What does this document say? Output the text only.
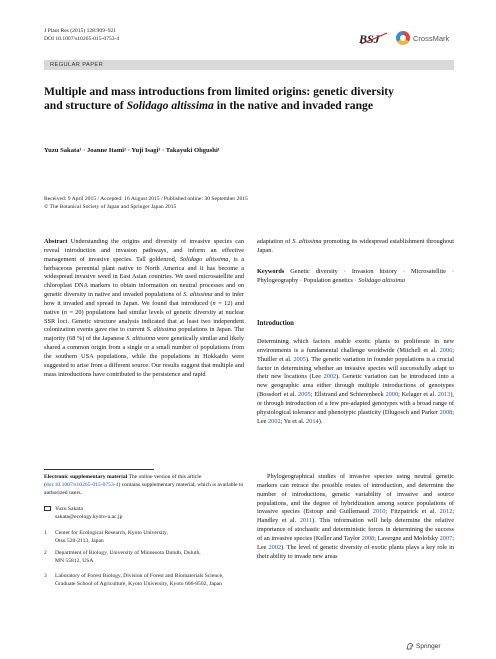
J Plant Res (2015) 128:909–921
DOI 10.1007/s10265-015-0753-4	BSJ	CrossMark
REGULAR PAPER
Multiple and mass introductions from limited origins: genetic diversity and structure of Solidago altissima in the native and invaded range
Yuzu Sakata¹ · Joanne Itami² · Yuji Isagi³ · Takayuki Ohgushi¹
Received: 9 April 2015 / Accepted: 16 August 2015 / Published online: 30 September 2015
© The Botanical Society of Japan and Springer Japan 2015
Abstract Understanding the origins and diversity of invasive species can reveal introduction and invasion pathways, and inform an effective management of invasive species. Tall goldenrod, Solidago altissima, is a herbaceous perennial plant native to North America and it has become a widespread invasive weed in East Asian countries. We used microsatellite and chloroplast DNA markers to obtain information on neutral processes and on genetic diversity in native and invaded populations of S. altissima and to infer how it invaded and spread in Japan. We found that introduced (n = 12) and native (n = 20) populations had similar levels of genetic diversity at nuclear SSR loci. Genetic structure analysis indicated that at least two independent colonization events gave rise to current S. altissima populations in Japan. The majority (68 %) of the Japanese S. altissima were genetically similar and likely shared a common origin from a single or a small number of populations from the southern USA populations, while the populations in Hokkaido were suggested to arise from a different source. Our results suggest that multiple and mass introductions have contributed to the persistence and rapid
Electronic supplementary material The online version of this article (doi:10.1007/s10265-015-0753-4) contains supplementary material, which is available to authorized users.
Yuzu Sakata
sakata@ecology.kyoto-u.ac.jp
1 Center for Ecological Research, Kyoto University, Otsu 520-2113, Japan
2 Department of Biology, University of Minnesota Duluth, Duluth, MN 55812, USA
3 Laboratory of Forest Biology, Division of Forest and Biomaterials Science, Graduate School of Agriculture, Kyoto University, Kyoto 606-8502, Japan
adaptation of S. altissima promoting its widespread establishment throughout Japan.
Keywords Genetic diversity · Invasion history · Microsatellite · Phylogeography · Population genetics · Solidago altissima
Introduction
Determining which factors enable exotic plants to proliferate in new environments is a fundamental challenge worldwide (Mitchell et al. 2006; Thuiller et al. 2005). The genetic variation in founder populations is a crucial factor in determining whether an invasive species will successfully adapt to their new locations (Lee 2002). Genetic variation can be introduced into a new geographic area either through multiple introductions of genotypes (Bossdorf et al. 2005; Ellstrand and Schierenbeck 2000; Kelager et al. 2013), or through introduction of a few pre-adapted genotypes with a broad range of physiological tolerance and phenotypic plasticity (Dlugosch and Parker 2008; Lee 2002; Yu et al. 2014).
Phylogeographical studies of invasive species using neutral genetic markers can retrace the possible routes of introduction, and determine the number of introductions, genetic variability of invasive and source populations, and the degree of hybridization among source populations of invasive species (Estoup and Guillemaud 2010; Fitzpatrick et al. 2012; Handley et al. 2011). This information will help determine the relative importance of stochastic and deterministic forces in determining the success of an invasive species (Keller and Taylor 2008; Lavergne and Molofsky 2007; Lee 2002). The level of genetic diversity of exotic plants plays a key role in their ability to invade new areas
Springer
